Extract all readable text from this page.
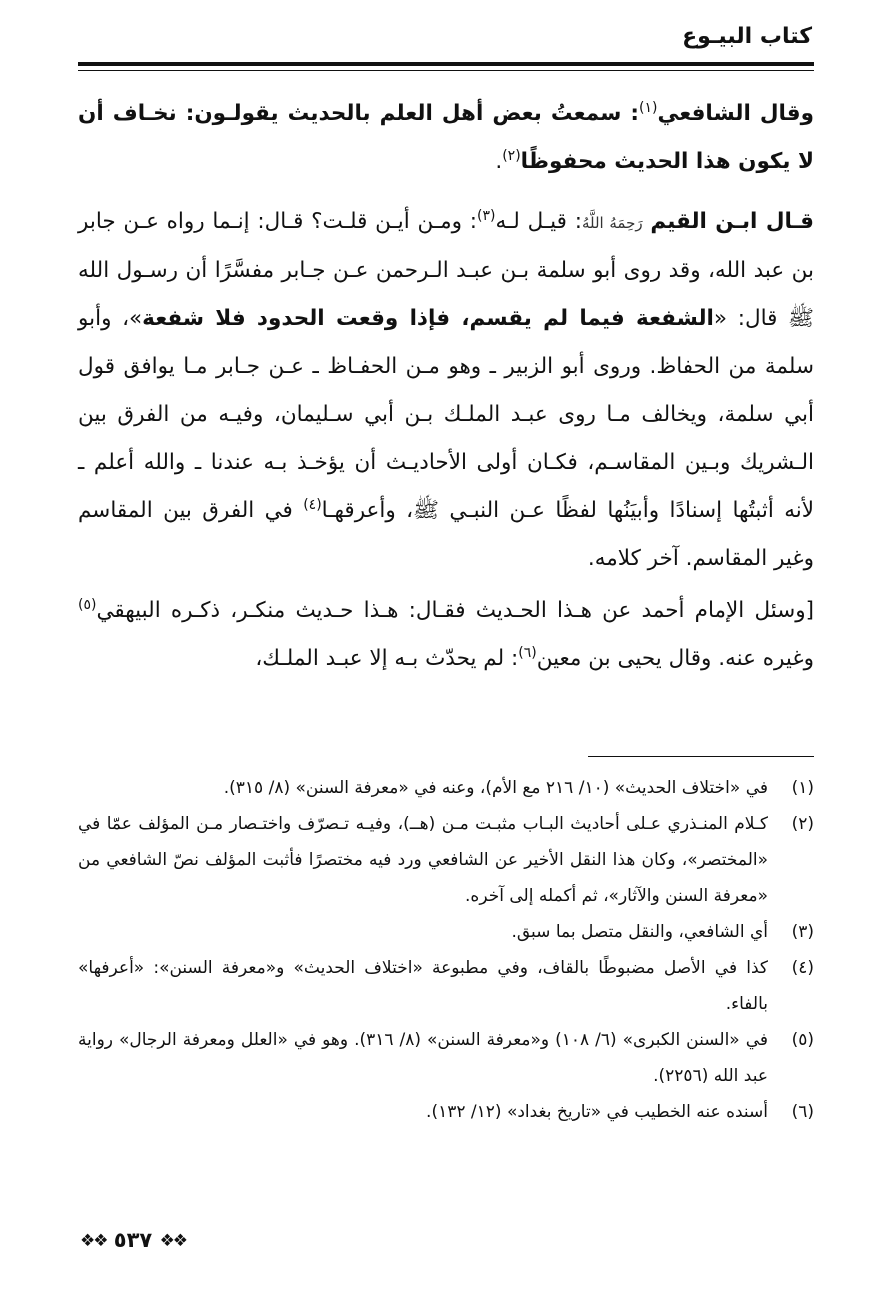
كتاب البيـوع

وقال الشافعي$^{(١)}$: سمعتُ بعض أهل العلم بالحديث يقولـون: نخـاف أن لا يكون هذا الحديث محفوظًا$^{(٢)}$.

قـال ابـن القيم رَحِمَهُ اللَّهُ: قيـل لـه$^{(٣)}$: ومـن أيـن قلـت؟ قـال: إنـما رواه عـن جابر بن عبد الله، وقد روى أبو سلمة بـن عبـد الـرحمن عـن جـابر مفسَّرًا أن رسـول الله ﷺ قال: «الشفعة فيما لم يقسم، فإذا وقعت الحدود فلا شفعة»، وأبو سلمة من الحفاظ. وروى أبو الزبير ـ وهو مـن الحفـاظ ـ عـن جـابر مـا يوافق قول أبي سلمة، ويخالف مـا روى عبـد الملـك بـن أبي سـليمان، وفيـه من الفرق بين الـشريك وبـين المقاسـم، فكـان أولى الأحاديـث أن يؤخـذ بـه عندنا ـ والله أعلم ـ لأنه أثبتُها إسنادًا وأبيَنُها لفظًا عـن النبـي ﷺ، وأعرقهـا$^{(٤)}$ في الفرق بين المقاسم وغير المقاسم. آخر كلامه.

[وسئل الإمام أحمد عن هـذا الحـديث فقـال: هـذا حـديث منكـر، ذكـره البيهقي$^{(٥)}$ وغيره عنه. وقال يحيى بن معين$^{(٦)}$: لم يحدّث بـه إلا عبـد الملـك،

(١)
في «اختلاف الحديث» (١٠/ ٢١٦ مع الأم)، وعنه في «معرفة السنن» (٨/ ٣١٥).
(٢)
كـلام المنـذري عـلى أحاديث البـاب مثبـت مـن (هــ)، وفيـه تـصرّف واختـصار مـن المؤلف عمّا في «المختصر»، وكان هذا النقل الأخير عن الشافعي ورد فيه مختصرًا فأثبت المؤلف نصّ الشافعي من «معرفة السنن والآثار»، ثم أكمله إلى آخره.
(٣)
أي الشافعي، والنقل متصل بما سبق.
(٤)
كذا في الأصل مضبوطًا بالقاف، وفي مطبوعة «اختلاف الحديث» و«معرفة السنن»: «أعرفها» بالفاء.
(٥)
في «السنن الكبرى» (٦/ ١٠٨) و«معرفة السنن» (٨/ ٣١٦). وهو في «العلل ومعرفة الرجال» رواية عبد الله (٢٢٥٦).
(٦)
أسنده عنه الخطيب في «تاريخ بغداد» (١٢/ ١٣٢).
❖❖ ٥٣٧ ❖❖
